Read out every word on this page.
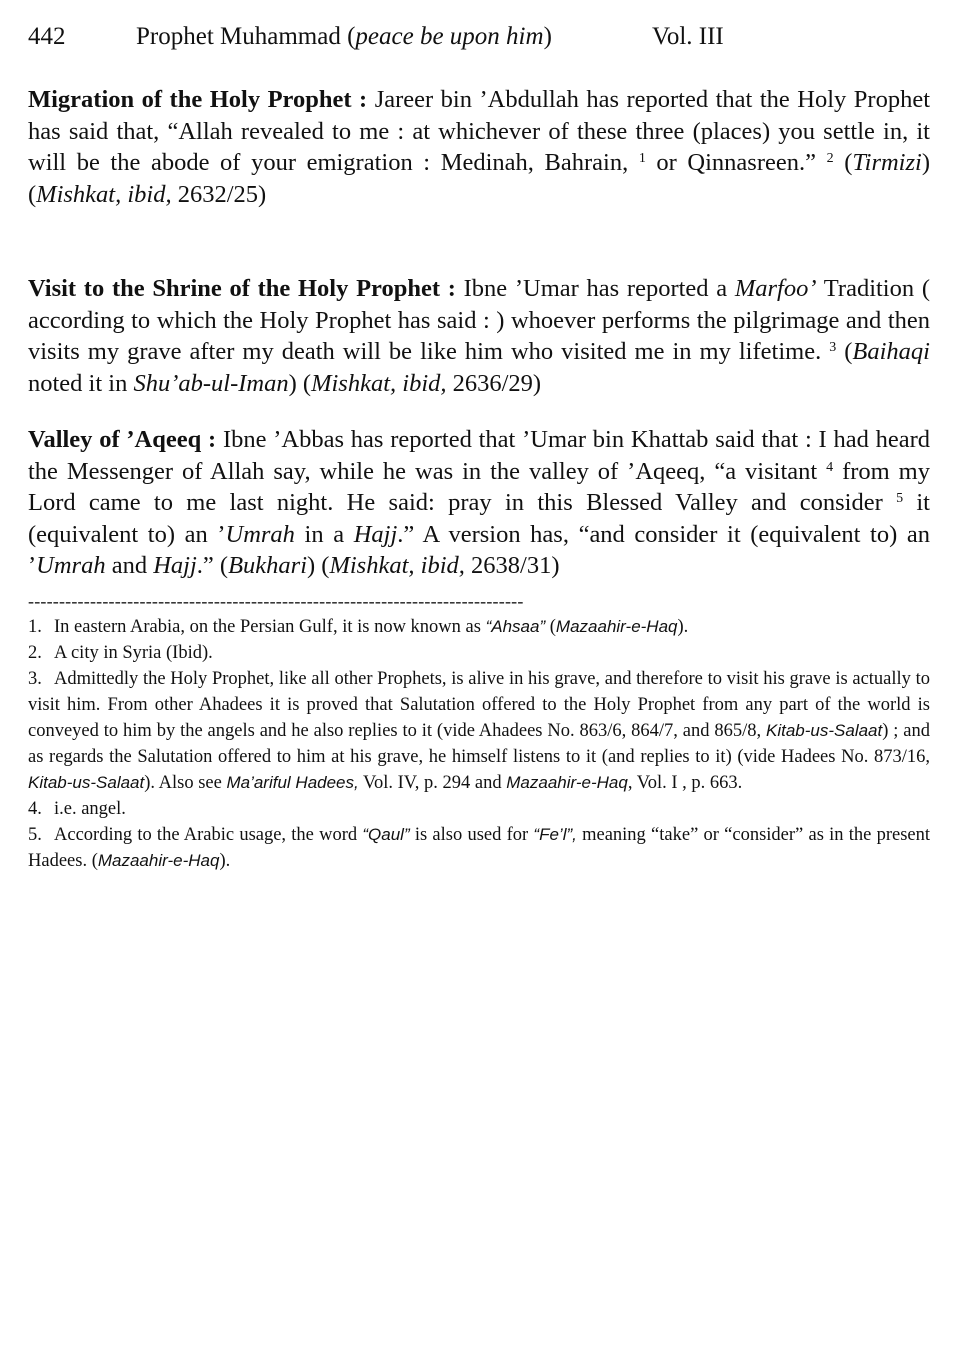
442	Prophet Muhammad (peace be upon him)	Vol. III

Migration of the Holy Prophet : Jareer bin ’Abdullah has reported that the Holy Prophet has said that, “Allah revealed to me : at whichever of these three (places) you settle in, it will be the abode of your emigration : Medinah, Bahrain, $^1$ or Qinnasreen.” $^2$ (Tirmizi) (Mishkat, ibid, 2632/25)

Visit to the Shrine of the Holy Prophet : Ibne ’Umar has reported a Marfoo’ Tradition ( according to which the Holy Prophet has said : ) whoever performs the pilgrimage and then visits my grave after my death will be like him who visited me in my lifetime. $^3$ (Baihaqi noted it in Shu’ab-ul-Iman) (Mishkat, ibid, 2636/29)

Valley of ’Aqeeq : Ibne ’Abbas has reported that ’Umar bin Khattab said that : I had heard the Messenger of Allah say, while he was in the valley of ’Aqeeq, “a visitant $^4$ from my Lord came to me last night. He said: pray in this Blessed Valley and consider $^5$ it (equivalent to) an ’Umrah in a Hajj.” A version has, “and consider it (equivalent to) an ’Umrah and Hajj.” (Bukhari) (Mishkat, ibid, 2638/31)

--------------------------------------------------------------------------------

1. In eastern Arabia, on the Persian Gulf, it is now known as “Ahsaa” (Mazaahir-e-Haq).

2. A city in Syria (Ibid).

3. Admittedly the Holy Prophet, like all other Prophets, is alive in his grave, and therefore to visit his grave is actually to visit him. From other Ahadees it is proved that Salutation offered to the Holy Prophet from any part of the world is conveyed to him by the angels and he also replies to it (vide Ahadees No. 863/6, 864/7, and 865/8, Kitab-us-Salaat) ; and as regards the Salutation offered to him at his grave, he himself listens to it (and replies to it) (vide Hadees No. 873/16, Kitab-us-Salaat). Also see Ma’ariful Hadees, Vol. IV, p. 294 and Mazaahir-e-Haq, Vol. I , p. 663.

4. i.e. angel.

5. According to the Arabic usage, the word “Qaul” is also used for “Fe’l”, meaning “take” or “consider” as in the present Hadees. (Mazaahir-e-Haq).
